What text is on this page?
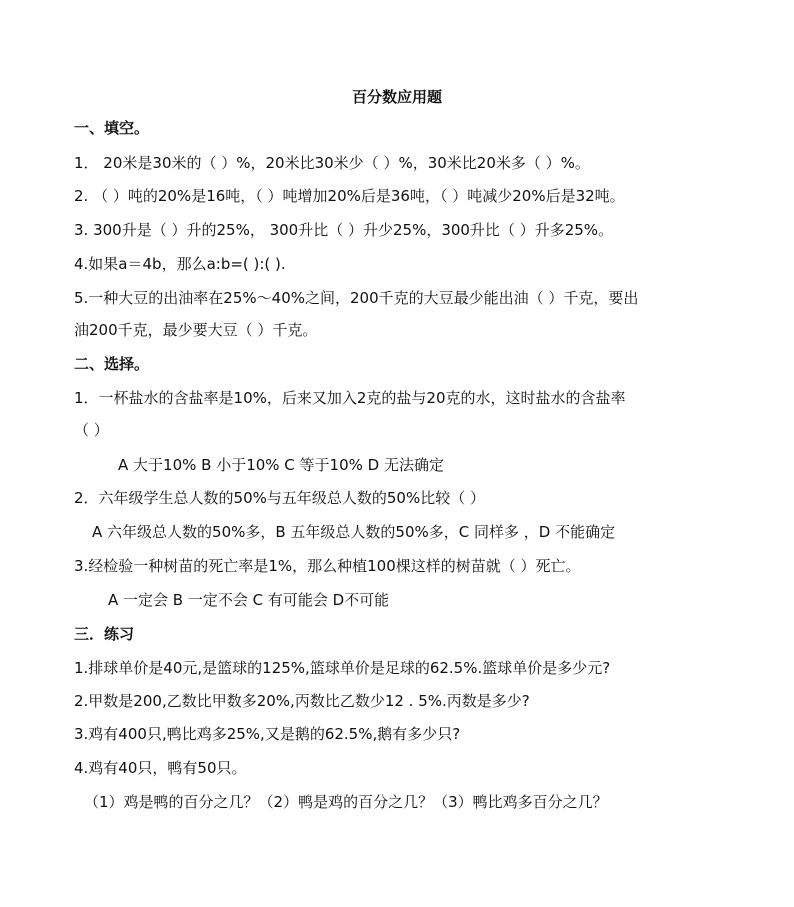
百分数应用题
一、填空。
1． 20米是30米的（ ）%，20米比30米少（ ）%，30米比20米多（ ）%。
2. （ ）吨的20%是16吨，（ ）吨增加20%后是36吨，（ ）吨减少20%后是32吨。
3. 300升是（ ）升的25%， 300升比（ ）升少25%，300升比（ ）升多25%。
4.如果a＝4b，那么a:b=( ):( ).
5.一种大豆的出油率在25%～40%之间，200千克的大豆最少能出油（ ）千克，要出
油200千克，最少要大豆（ ）千克。
二、选择。
1．一杯盐水的含盐率是10%，后来又加入2克的盐与20克的水，这时盐水的含盐率
（ ）
A 大于10% B 小于10% C 等于10% D 无法确定
2．六年级学生总人数的50%与五年级总人数的50%比较（ ）
A 六年级总人数的50%多，B 五年级总人数的50%多，C 同样多 ，D 不能确定
3.经检验一种树苗的死亡率是1%，那么种植100棵这样的树苗就（ ）死亡。
A 一定会 B 一定不会 C 有可能会 D不可能
三．练习
1.排球单价是40元,是篮球的125%,篮球单价是足球的62.5%.篮球单价是多少元?
2.甲数是200,乙数比甲数多20%,丙数比乙数少12 . 5%.丙数是多少?
3.鸡有400只,鸭比鸡多25%,又是鹅的62.5%,鹅有多少只?
4.鸡有40只，鸭有50只。
（1）鸡是鸭的百分之几？（2）鸭是鸡的百分之几？（3）鸭比鸡多百分之几？
